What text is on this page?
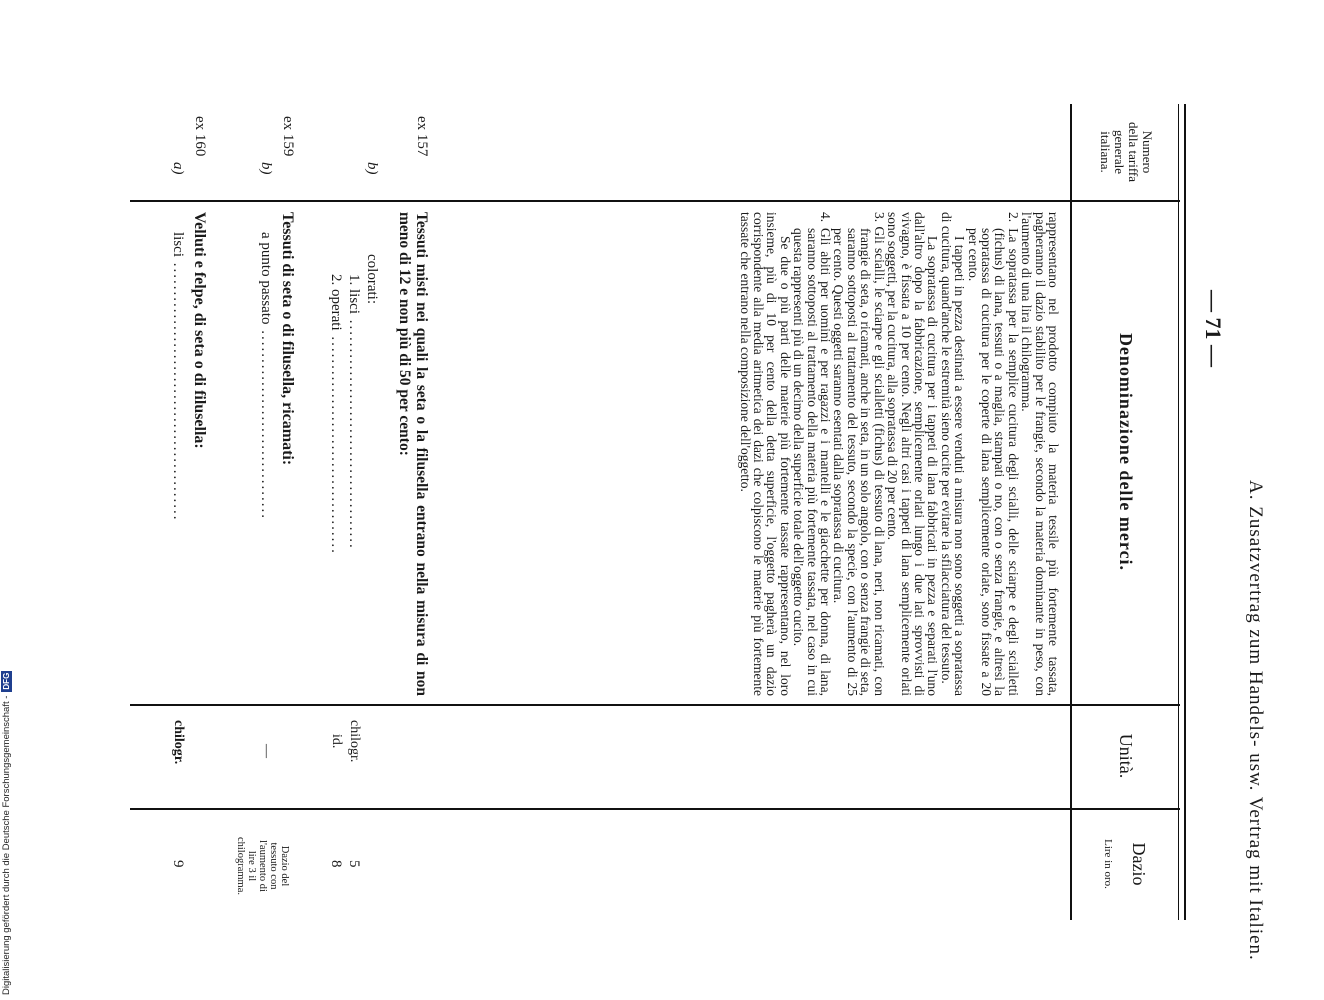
Digitalisierung gefördert durch die Deutsche Forschungsgemeinschaft -
DFG	A. Zusatzvertrag zum Handels- usw. Vertrag mit Italien.
— 71 —
Numero
della tariffa
generale
italiana.
Denominazione delle merci.
Unità.
Dazio
Lire in oro.

rappresentano nel prodotto compiuto la materia tessile più fortemente tassata, pagheranno il dazio stabilito per le frangie, secondo la materia dominante in peso, con l'aumento di una lira il chilogramma.

2. La sopratassa per la semplice cucitura degli scialli, delle sciarpe e degli scialletti (fichus) di lana, tessuti o a maglia, stampati o no, con o senza frangie, e altresì la sopratassa di cucitura per le coperte di lana semplicemente orlate, sono fissate a 20 per cento.

I tappeti in pezza destinati a essere venduti a misura non sono soggetti a sopratassa di cucitura, quand'anche le estremità sieno cucite per evitare la sfilacciatura del tessuto.

La sopratassa di cucitura per i tappeti di lana fabbricati in pezza e separati l'uno dall'altro dopo la fabbricazione, semplicemente orlati lungo i due lati sprovvisti di vivagno, è fissata a 10 per cento. Negli altri casi i tappeti di lana semplicemente orlati sono soggetti, per la cucitura, alla sopratassa di 20 per cento.

3. Gli scialli, le sciarpe e gli scialletti (fichus) di tessuto di lana, neri, non ricamati, con frangie di seta, o ricamati, anche in seta, in un solo angolo, con o senza frangie di seta, saranno sottoposti al trattamento del tessuto, secondo la specie, con l'aumento di 25 per cento. Questi oggetti saranno esentati dalla sopratassa di cucitura.

4. Gli abiti per uomini e per ragazzi e i mantelli e le giacchette per donna, di lana, saranno sottoposti al trattamento della materia più fortemente tassata, nel caso in cui questa rappresenti più di un decimo della superficie totale dell'oggetto cucito.

Se due o più parti delle materie più fortemente tassate rappresentano, nel loro insieme, più di 10 per cento della detta superficie, l'oggetto pagherà un dazio corrispondente alla media aritmetica dei dazi che colpiscono le materie più fortemente tassate che entrano nella composizione dell'oggetto.

ex 157
Tessuti misti nei quali la seta o la filusella entrano nella misura di non meno di 12 e non più di 50 per cento:
b)
colorati:
1. lisci ........................................
chilogr.
5
2. operati ......................................
id.
8
ex 159
Tessuti di seta o di filusella, ricamati:
b)
a punto passato .................................
—
Dazio del
tessuto con
l'aumento di
lire 3 il
chilogramma.
ex 160
Velluti e felpe, di seta o di filusella:
a)
lisci .............................................
chilogr.
9
